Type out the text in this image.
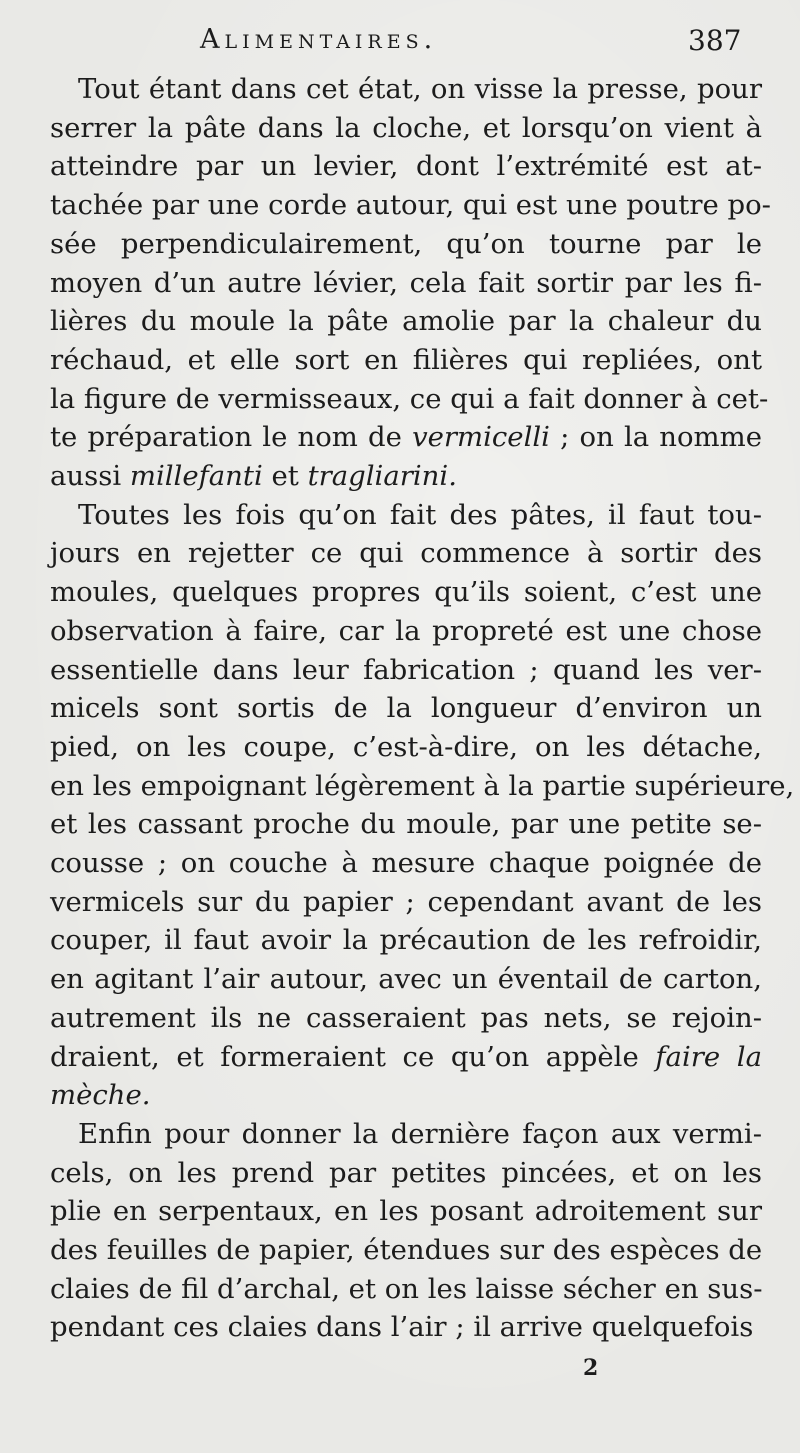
Alimentaires.	387
Tout étant dans cet état, on visse la presse, pour
serrer la pâte dans la cloche, et lorsqu’on vient à
atteindre par un levier, dont l’extrémité est at-
tachée par une corde autour, qui est une poutre po-
sée perpendiculairement, qu’on tourne par le
moyen d’un autre lévier, cela fait sortir par les fi-
lières du moule la pâte amolie par la chaleur du
réchaud, et elle sort en filières qui repliées, ont
la figure de vermisseaux, ce qui a fait donner à cet-
te préparation le nom de vermicelli ; on la nomme
aussi millefanti et tragliarini.
Toutes les fois qu’on fait des pâtes, il faut tou-
jours en rejetter ce qui commence à sortir des
moules, quelques propres qu’ils soient, c’est une
observation à faire, car la propreté est une chose
essentielle dans leur fabrication ; quand les ver-
micels sont sortis de la longueur d’environ un
pied, on les coupe, c’est-à-dire, on les détache,
en les empoignant légèrement à la partie supérieure,
et les cassant proche du moule, par une petite se-
cousse ; on couche à mesure chaque poignée de
vermicels sur du papier ; cependant avant de les
couper, il faut avoir la précaution de les refroidir,
en agitant l’air autour, avec un éventail de carton,
autrement ils ne casseraient pas nets, se rejoin-
draient, et formeraient ce qu’on appèle faire la
mèche.
Enfin pour donner la dernière façon aux vermi-
cels, on les prend par petites pincées, et on les
plie en serpentaux, en les posant adroitement sur
des feuilles de papier, étendues sur des espèces de
claies de fil d’archal, et on les laisse sécher en sus-
pendant ces claies dans l’air ; il arrive quelquefois
2
